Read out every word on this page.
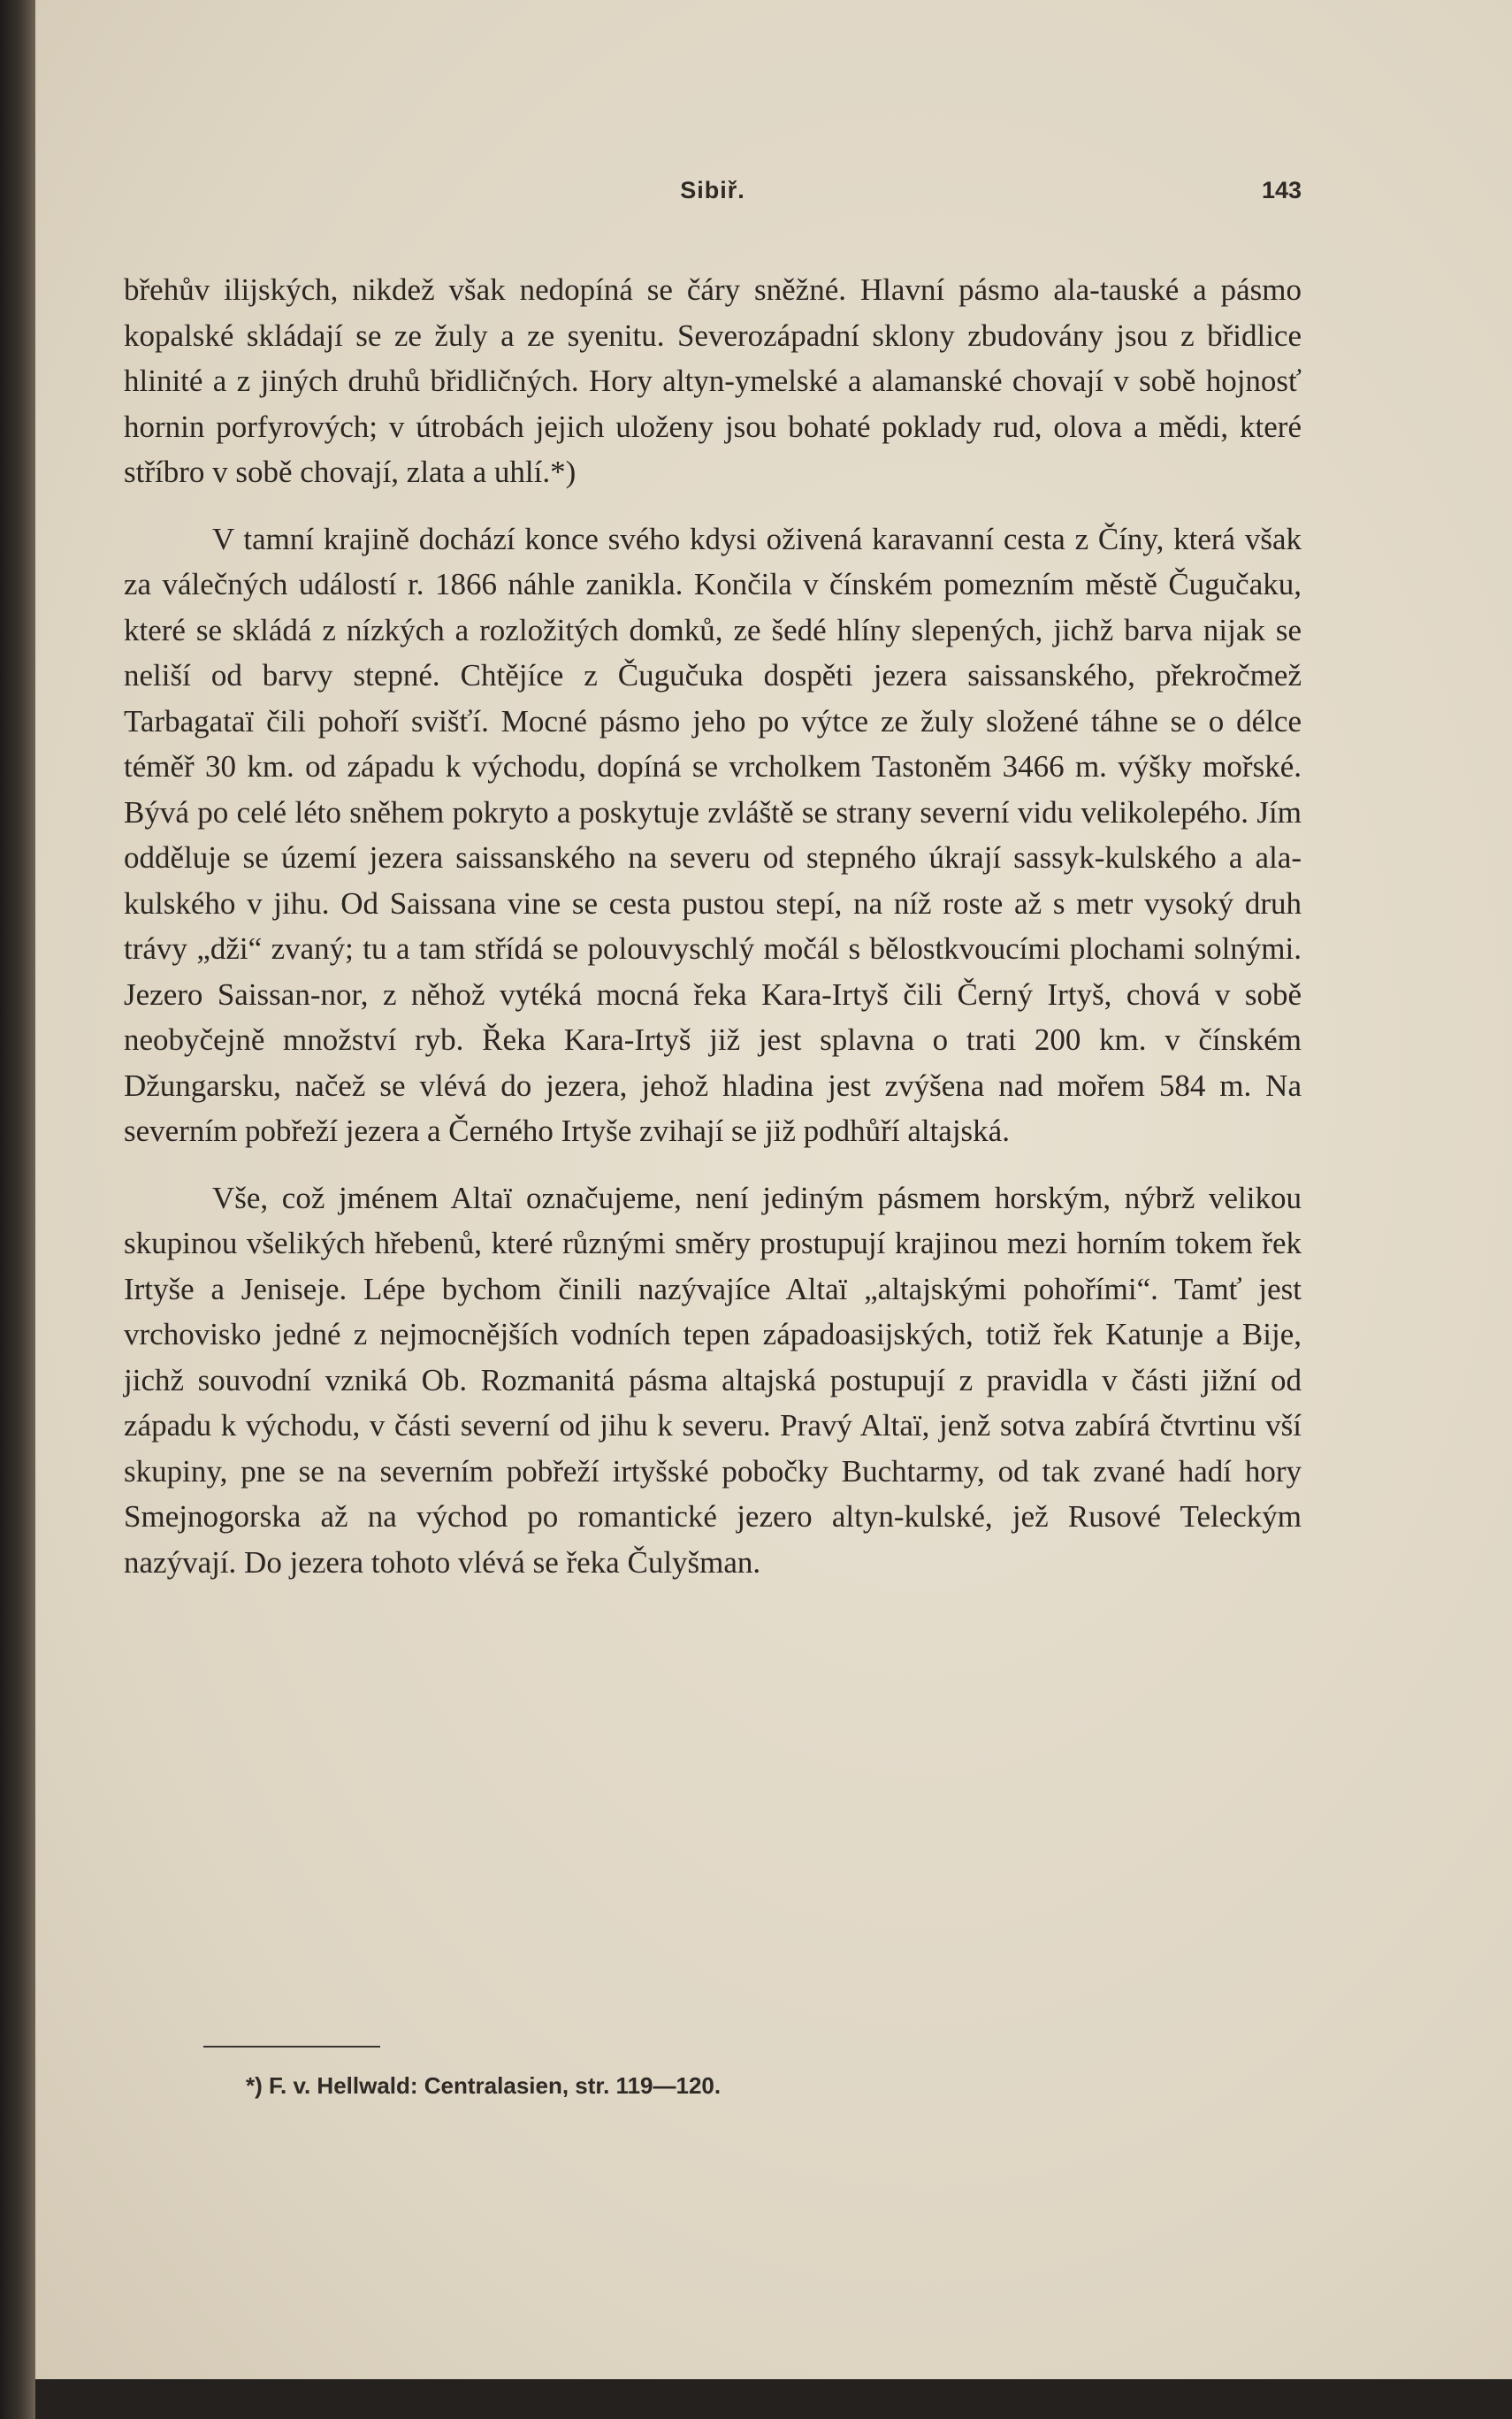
Sibiř.	143

břehův ilijských, nikdež však nedopíná se čáry sněžné. Hlavní pásmo ala-tauské a pásmo kopalské skládají se ze žuly a ze syenitu. Severozápadní sklony zbudovány jsou z břidlice hlinité a z jiných druhů břidličných. Hory altyn-ymelské a alamanské chovají v sobě hojnosť hornin porfyrových; v útrobách jejich uloženy jsou bohaté poklady rud, olova a mědi, které stříbro v sobě chovají, zlata a uhlí.*)

V tamní krajině dochází konce svého kdysi oživená karavanní cesta z Číny, která však za válečných událostí r. 1866 náhle zanikla. Končila v čínském pomezním městě Čugučaku, které se skládá z nízkých a rozložitých domků, ze šedé hlíny slepených, jichž barva nijak se neliší od barvy stepné. Chtějíce z Čugučuka dospěti jezera saissanského, překročmež Tarbagataï čili pohoří svišťí. Mocné pásmo jeho po výtce ze žuly složené táhne se o délce téměř 30 km. od západu k východu, dopíná se vrcholkem Tastoněm 3466 m. výšky mořské. Bývá po celé léto sněhem pokryto a poskytuje zvláště se strany severní vidu velikolepého. Jím odděluje se území jezera saissanského na severu od stepného úkrají sassyk-kulského a ala-kulského v jihu. Od Saissana vine se cesta pustou stepí, na níž roste až s metr vysoký druh trávy „dži“ zvaný; tu a tam střídá se polouvyschlý močál s bělostkvoucími plochami solnými. Jezero Saissan-nor, z něhož vytéká mocná řeka Kara-Irtyš čili Černý Irtyš, chová v sobě neobyčejně množství ryb. Řeka Kara-Irtyš již jest splavna o trati 200 km. v čínském Džungarsku, načež se vlévá do jezera, jehož hladina jest zvýšena nad mořem 584 m. Na severním pobřeží jezera a Černého Irtyše zvihají se již podhůří altajská.

Vše, což jménem Altaï označujeme, není jediným pásmem horským, nýbrž velikou skupinou všelikých hřebenů, které různými směry prostupují krajinou mezi horním tokem řek Irtyše a Jeniseje. Lépe bychom činili nazývajíce Altaï „altajskými pohořími“. Tamť jest vrchovisko jedné z nejmocnějších vodních tepen západoasijských, totiž řek Katunje a Bije, jichž souvodní vzniká Ob. Rozmanitá pásma altajská postupují z pravidla v části jižní od západu k východu, v části severní od jihu k severu. Pravý Altaï, jenž sotva zabírá čtvrtinu vší skupiny, pne se na severním pobřeží irtyšské pobočky Buchtarmy, od tak zvané hadí hory Smejnogorska až na východ po romantické jezero altyn-kulské, jež Rusové Teleckým nazývají. Do jezera tohoto vlévá se řeka Čulyšman.

*) F. v. Hellwald: Centralasien, str. 119—120.
